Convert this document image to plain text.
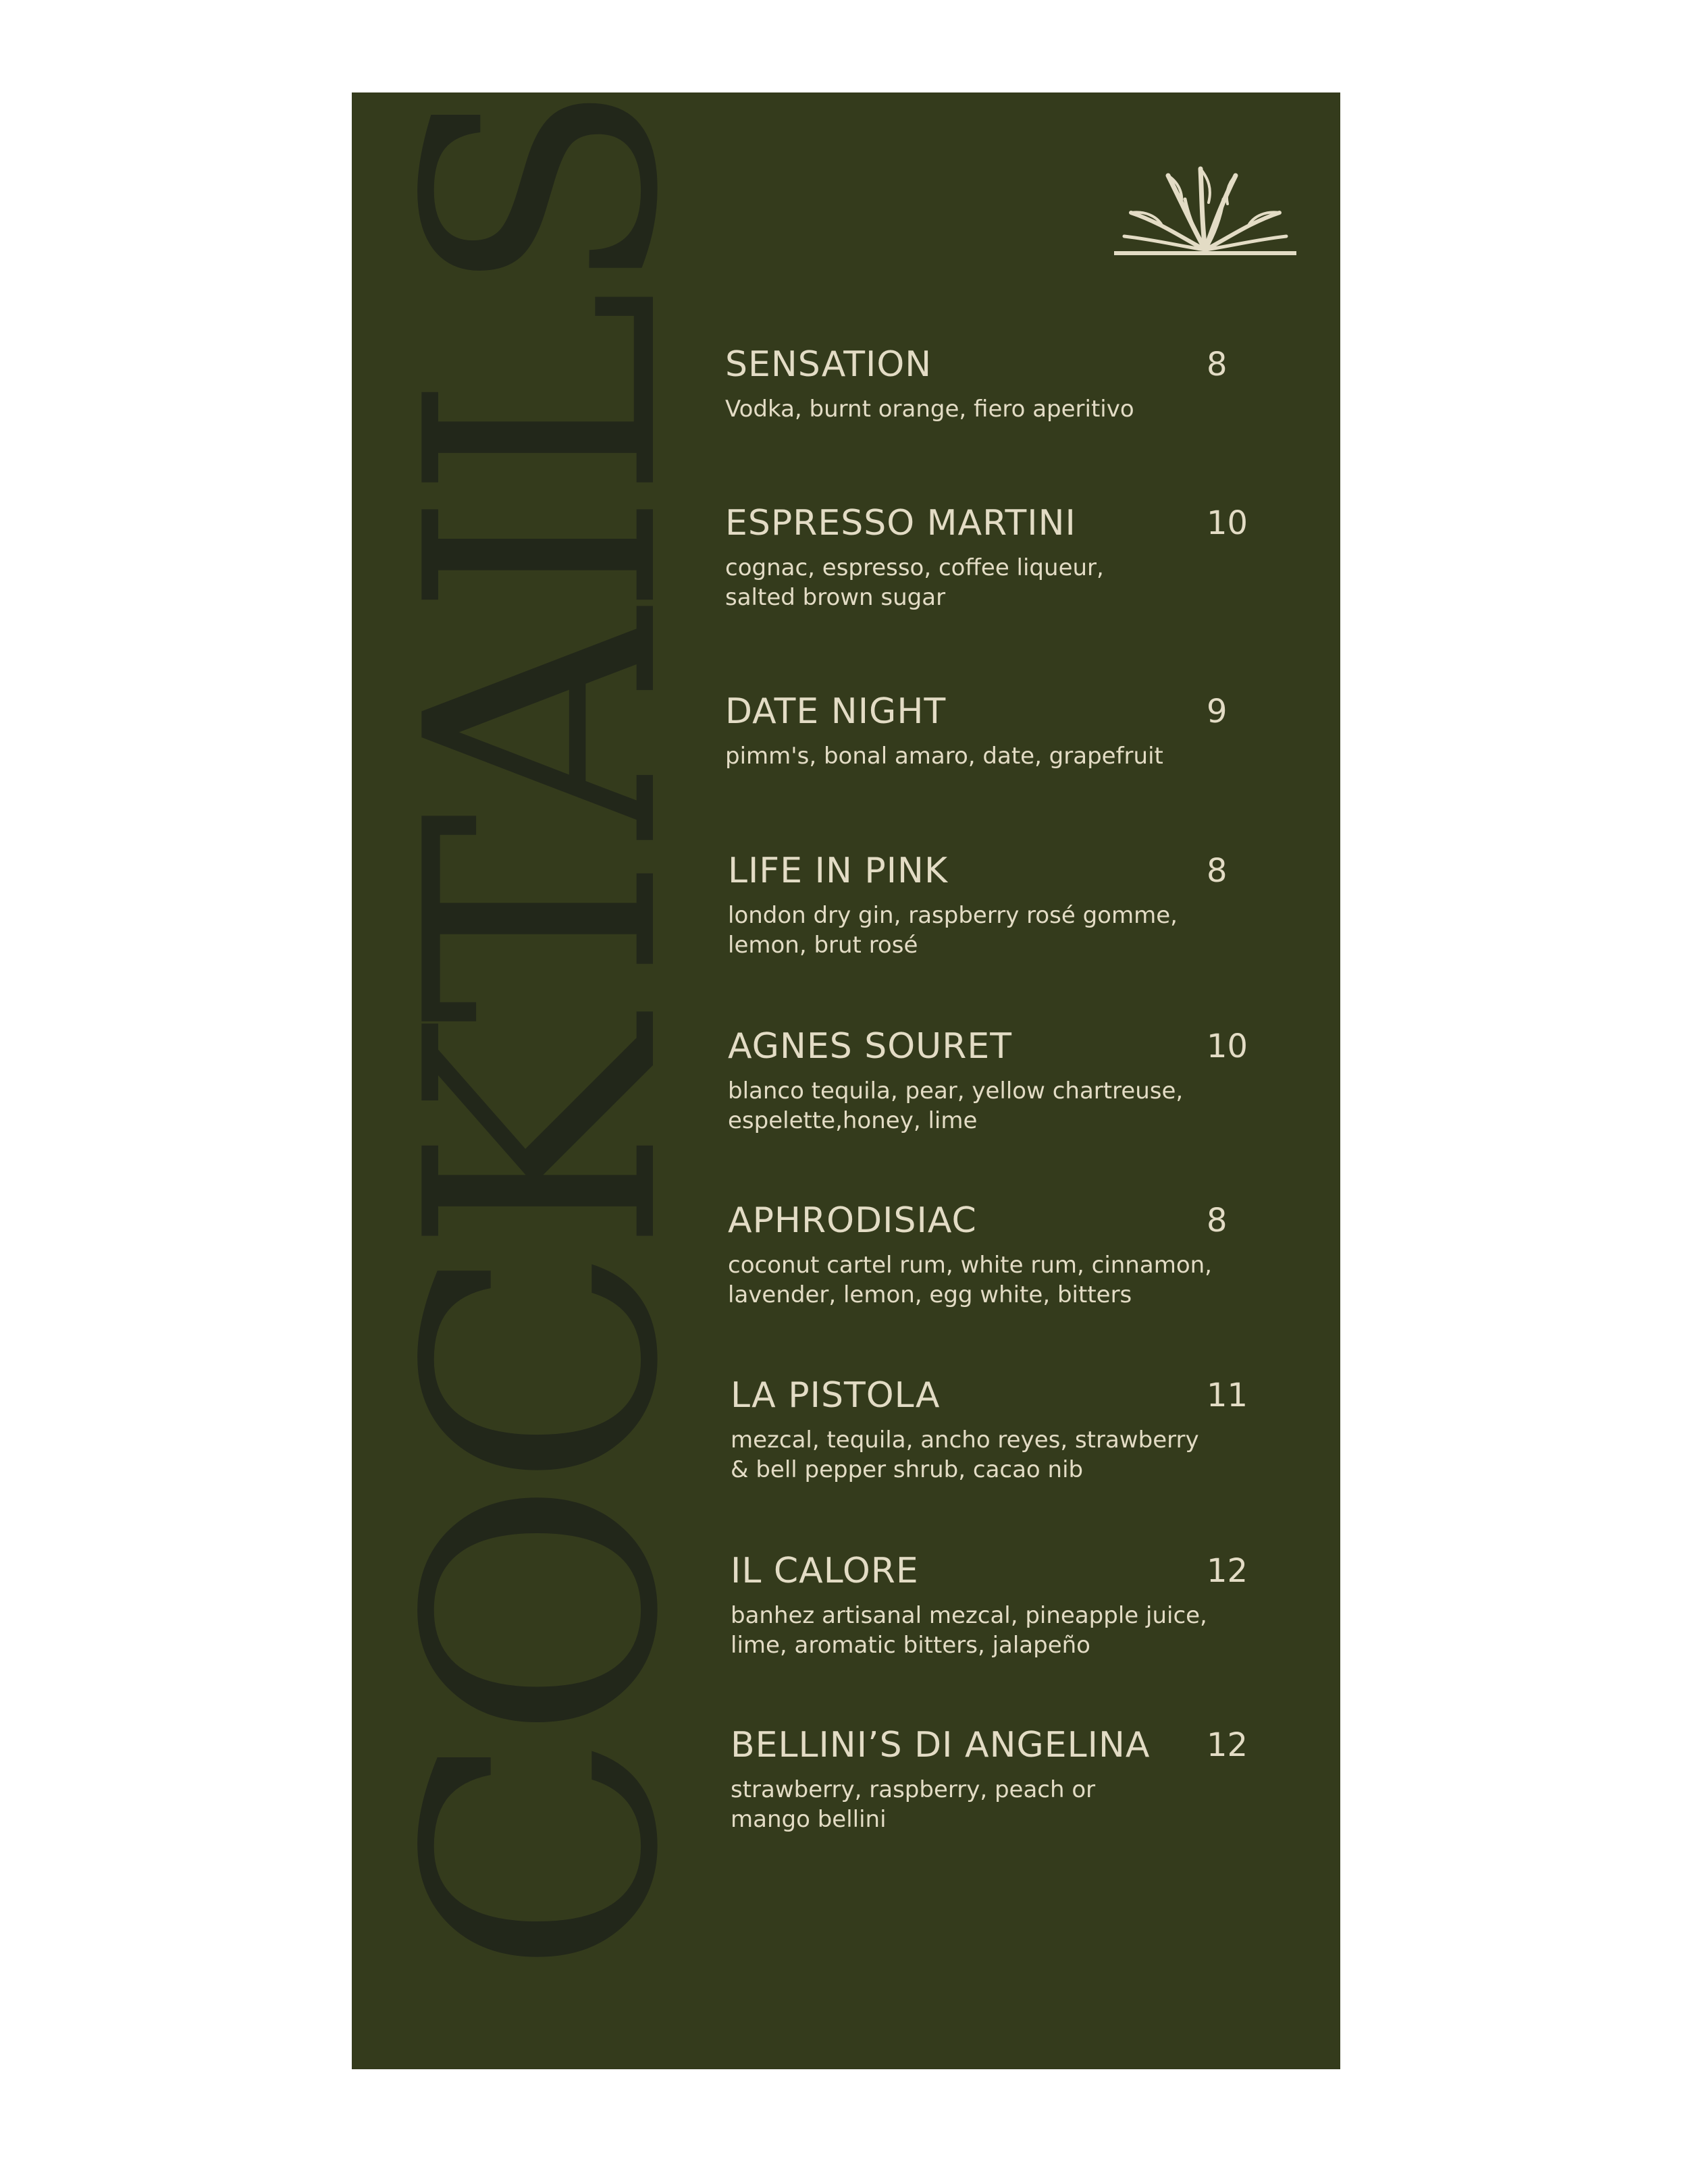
COCKTAILS
SENSATION	8
Vodka, burnt orange, fiero aperitivo
ESPRESSO MARTINI	10
cognac, espresso, coffee liqueur,
salted brown sugar
DATE NIGHT	9
pimm's, bonal amaro, date, grapefruit
LIFE IN PINK	8
london dry gin, raspberry rosé gomme,
lemon, brut rosé
AGNES SOURET	10
blanco tequila, pear, yellow chartreuse,
espelette,honey, lime
APHRODISIAC	8
coconut cartel rum, white rum, cinnamon,
lavender, lemon, egg white, bitters
LA PISTOLA	11
mezcal, tequila, ancho reyes, strawberry
& bell pepper shrub, cacao nib
IL CALORE	12
banhez artisanal mezcal, pineapple juice,
lime, aromatic bitters, jalapeño
BELLINI’S DI ANGELINA 12
strawberry, raspberry, peach or
mango bellini
